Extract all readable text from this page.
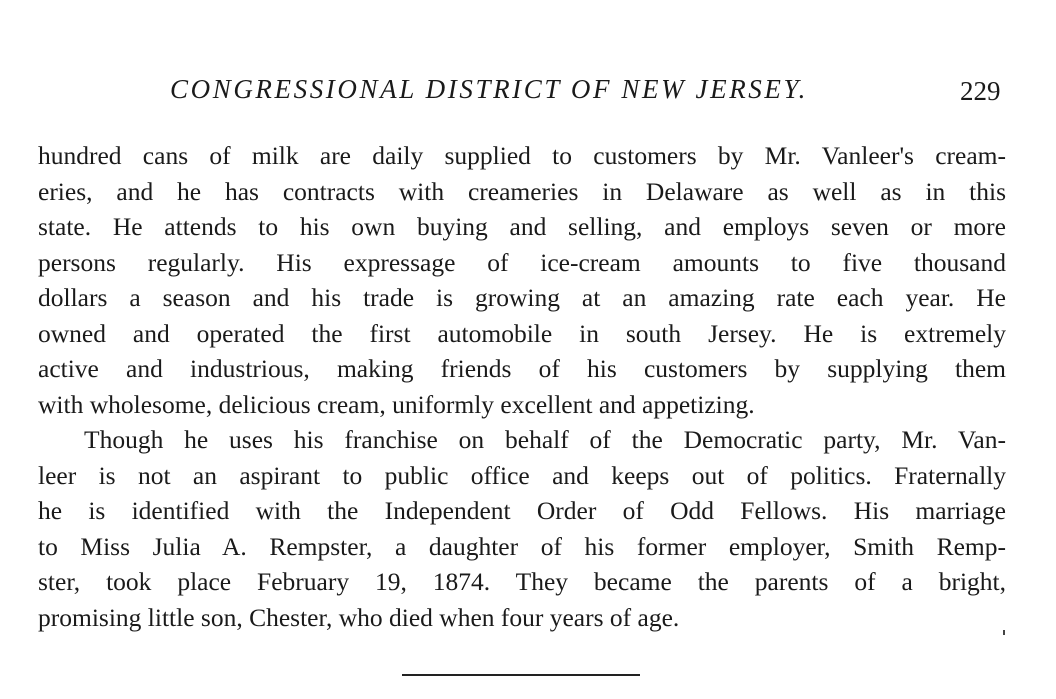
CONGRESSIONAL DISTRICT OF NEW JERSEY.	229
hundred cans of milk are daily supplied to customers by Mr. Vanleer's cream-
eries, and he has contracts with creameries in Delaware as well as in this
state. He attends to his own buying and selling, and employs seven or more
persons regularly. His expressage of ice-cream amounts to five thousand
dollars a season and his trade is growing at an amazing rate each year. He
owned and operated the first automobile in south Jersey. He is extremely
active and industrious, making friends of his customers by supplying them
with wholesome, delicious cream, uniformly excellent and appetizing.
Though he uses his franchise on behalf of the Democratic party, Mr. Van-
leer is not an aspirant to public office and keeps out of politics. Fraternally
he is identified with the Independent Order of Odd Fellows. His marriage
to Miss Julia A. Rempster, a daughter of his former employer, Smith Remp-
ster, took place February 19, 1874. They became the parents of a bright,
promising little son, Chester, who died when four years of age.
